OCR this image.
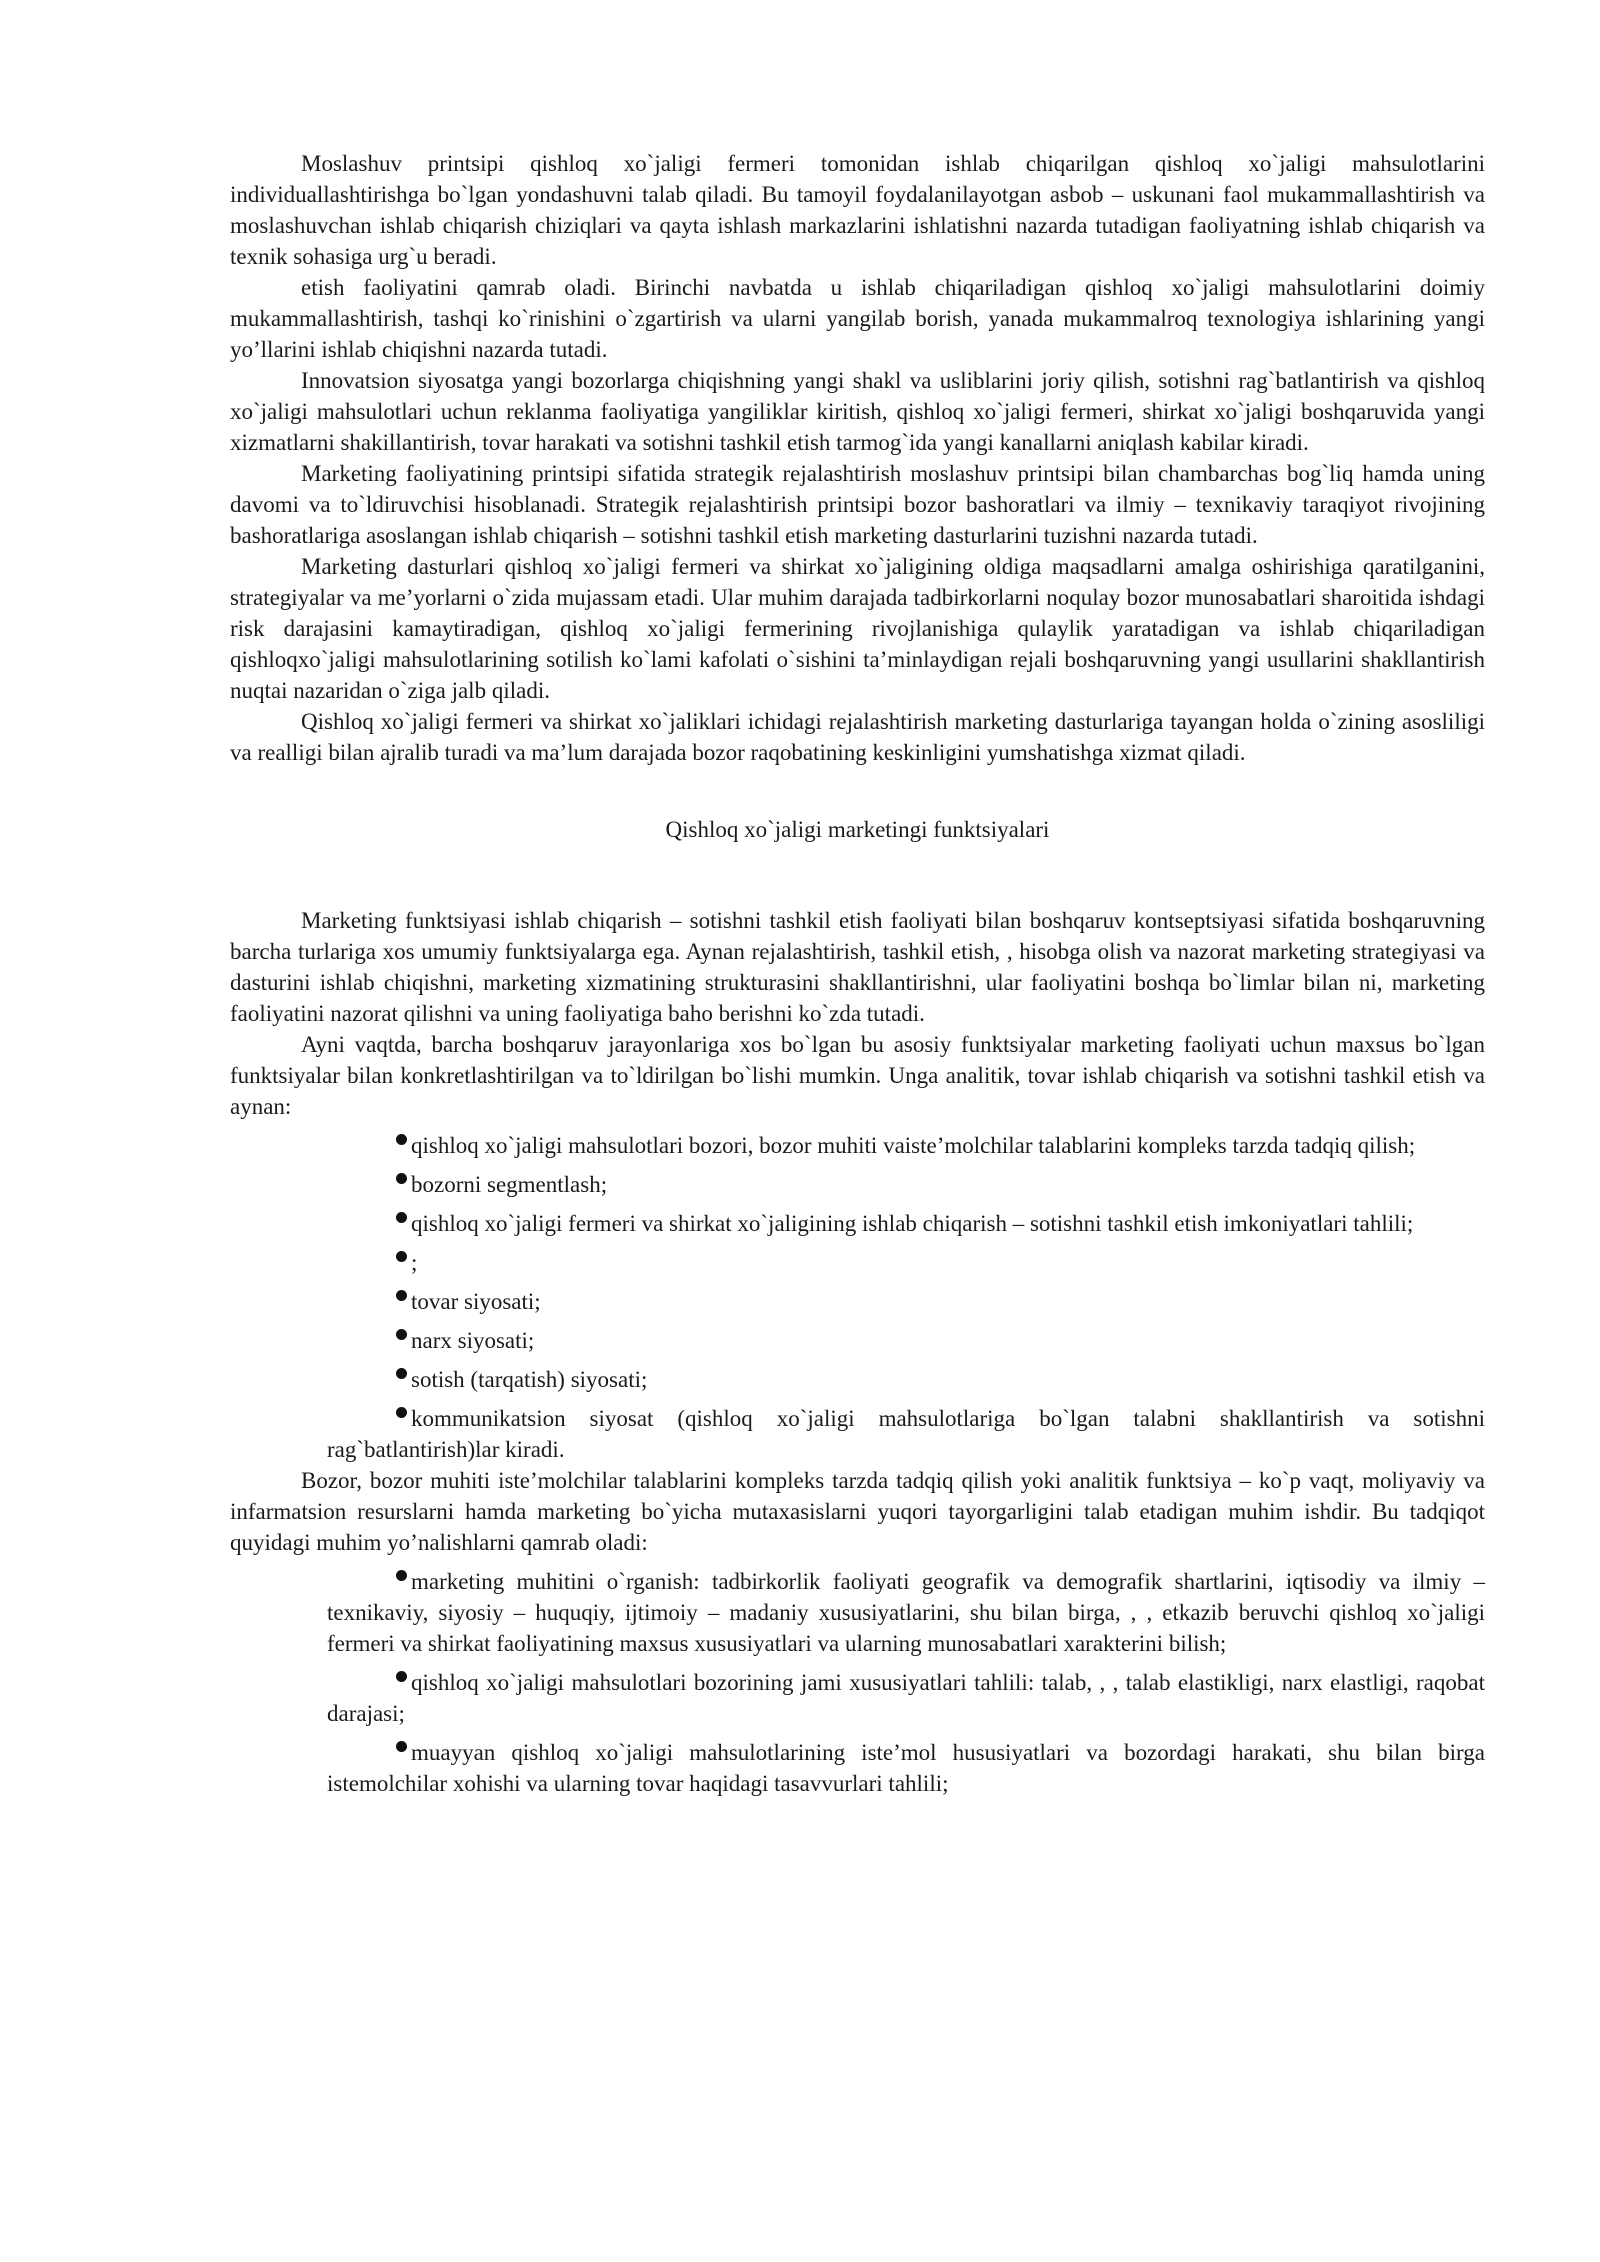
Moslashuv printsipi qishloq xo`jaligi fermeri tomonidan ishlab chiqarilgan qishloq xo`jaligi mahsulotlarini individuallashtirishga bo`lgan yondashuvni talab qiladi. Bu tamoyil foydalanilayotgan asbob – uskunani faol mukammallashtirish va moslashuvchan ishlab chiqarish chiziqlari va qayta ishlash markazlarini ishlatishni nazarda tutadigan faoliyatning ishlab chiqarish va texnik sohasiga urg`u beradi.

etish faoliyatini qamrab oladi. Birinchi navbatda u ishlab chiqariladigan qishloq xo`jaligi mahsulotlarini doimiy mukammallashtirish, tashqi ko`rinishini o`zgartirish va ularni yangilab borish, yanada mukammalroq texnologiya ishlarining yangi yo’llarini ishlab chiqishni nazarda tutadi.

Innovatsion siyosatga yangi bozorlarga chiqishning yangi shakl va usliblarini joriy qilish, sotishni rag`batlantirish va qishloq xo`jaligi mahsulotlari uchun reklanma faoliyatiga yangiliklar kiritish, qishloq xo`jaligi fermeri, shirkat xo`jaligi boshqaruvida yangi xizmatlarni shakillantirish, tovar harakati va sotishni tashkil etish tarmog`ida yangi kanallarni aniqlash kabilar kiradi.

Marketing faoliyatining printsipi sifatida strategik rejalashtirish moslashuv printsipi bilan chambarchas bog`liq hamda uning davomi va to`ldiruvchisi hisoblanadi. Strategik rejalashtirish printsipi bozor bashoratlari va ilmiy – texnikaviy taraqiyot rivojining bashoratlariga asoslangan ishlab chiqarish – sotishni tashkil etish marketing dasturlarini tuzishni nazarda tutadi.

Marketing dasturlari qishloq xo`jaligi fermeri va shirkat xo`jaligining oldiga maqsadlarni amalga oshirishiga qaratilganini, strategiyalar va me’yorlarni o`zida mujassam etadi. Ular muhim darajada tadbirkorlarni noqulay bozor munosabatlari sharoitida ishdagi risk darajasini kamaytiradigan, qishloq xo`jaligi fermerining rivojlanishiga qulaylik yaratadigan va ishlab chiqariladigan qishloqxo`jaligi mahsulotlarining sotilish ko`lami kafolati o`sishini ta’minlaydigan rejali boshqaruvning yangi usullarini shakllantirish nuqtai nazaridan o`ziga jalb qiladi.

Qishloq xo`jaligi fermeri va shirkat xo`jaliklari ichidagi rejalashtirish marketing dasturlariga tayangan holda o`zining asosliligi va realligi bilan ajralib turadi va ma’lum darajada bozor raqobatining keskinligini yumshatishga xizmat qiladi.

Qishloq xo`jaligi marketingi funktsiyalari

Marketing funktsiyasi ishlab chiqarish – sotishni tashkil etish faoliyati bilan boshqaruv kontseptsiyasi sifatida boshqaruvning barcha turlariga xos umumiy funktsiyalarga ega. Aynan rejalashtirish, tashkil etish, , hisobga olish va nazorat marketing strategiyasi va dasturini ishlab chiqishni, marketing xizmatining strukturasini shakllantirishni, ular faoliyatini boshqa bo`limlar bilan ni, marketing faoliyatini nazorat qilishni va uning faoliyatiga baho berishni ko`zda tutadi.

Ayni vaqtda, barcha boshqaruv jarayonlariga xos bo`lgan bu asosiy funktsiyalar marketing faoliyati uchun maxsus bo`lgan funktsiyalar bilan konkretlashtirilgan va to`ldirilgan bo`lishi mumkin. Unga analitik, tovar ishlab chiqarish va sotishni tashkil etish va aynan:

qishloq xo`jaligi mahsulotlari bozori, bozor muhiti vaiste’molchilar talablarini kompleks tarzda tadqiq qilish;
bozorni segmentlash;
qishloq xo`jaligi fermeri va shirkat xo`jaligining ishlab chiqarish – sotishni tashkil etish imkoniyatlari tahlili;
;
tovar siyosati;
narx siyosati;
sotish (tarqatish) siyosati;
kommunikatsion siyosat (qishloq xo`jaligi mahsulotlariga bo`lgan talabni shakllantirish va sotishni rag`batlantirish)lar kiradi.

Bozor, bozor muhiti iste’molchilar talablarini kompleks tarzda tadqiq qilish yoki analitik funktsiya – ko`p vaqt, moliyaviy va infarmatsion resurslarni hamda marketing bo`yicha mutaxasislarni yuqori tayorgarligini talab etadigan muhim ishdir. Bu tadqiqot quyidagi muhim yo’nalishlarni qamrab oladi:

marketing muhitini o`rganish: tadbirkorlik faoliyati geografik va demografik shartlarini, iqtisodiy va ilmiy – texnikaviy, siyosiy – huquqiy, ijtimoiy – madaniy xususiyatlarini, shu bilan birga, , , etkazib beruvchi qishloq xo`jaligi fermeri va shirkat faoliyatining maxsus xususiyatlari va ularning munosabatlari xarakterini bilish;
qishloq xo`jaligi mahsulotlari bozorining jami xususiyatlari tahlili: talab, , , talab elastikligi, narx elastligi, raqobat darajasi;
muayyan qishloq xo`jaligi mahsulotlarining iste’mol hususiyatlari va bozordagi harakati, shu bilan birga istemolchilar xohishi va ularning tovar haqidagi tasavvurlari tahlili;
